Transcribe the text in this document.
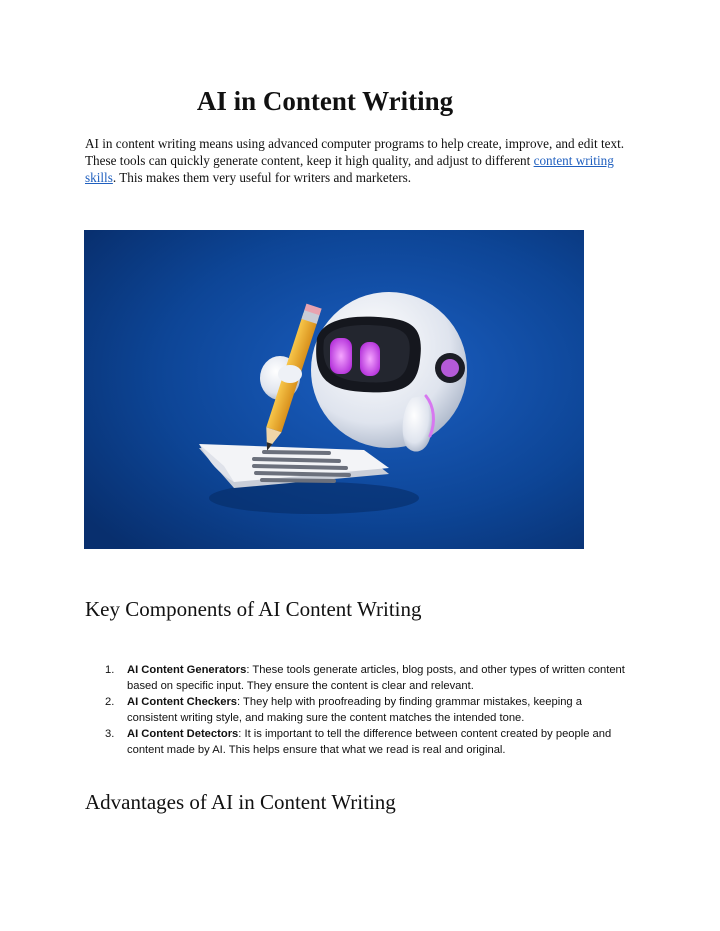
AI in Content Writing

AI in content writing means using advanced computer programs to help create, improve, and edit text. These tools can quickly generate content, keep it high quality, and adjust to different content writing skills. This makes them very useful for writers and marketers.

Key Components of AI Content Writing
1. AI Content Generators: These tools generate articles, blog posts, and other types of written content based on specific input. They ensure the content is clear and relevant.
2. AI Content Checkers: They help with proofreading by finding grammar mistakes, keeping a consistent writing style, and making sure the content matches the intended tone.
3. AI Content Detectors: It is important to tell the difference between content created by people and content made by AI. This helps ensure that what we read is real and original.
Advantages of AI in Content Writing
